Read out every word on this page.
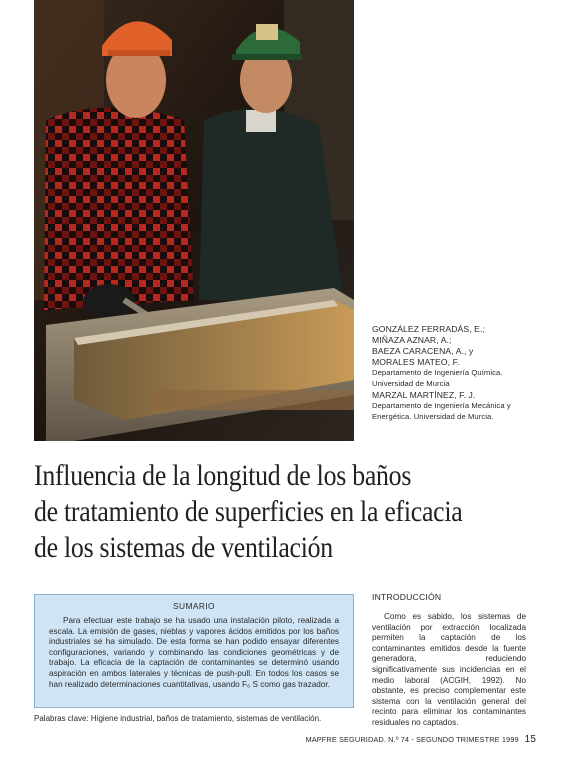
GONZÁLEZ FERRADÁS, E.;
MIÑAZA AZNAR, A.;
BAEZA CARACENA, A., y
MORALES MATEO, F.
Departamento de Ingeniería Química.
Universidad de Murcia
MARZAL MARTÍNEZ, F. J.
Departamento de Ingeniería Mecánica y
Energética. Universidad de Murcia.
Influencia de la longitud de los baños
de tratamiento de superficies en la eficacia
de los sistemas de ventilación
SUMARIO

Para efectuar este trabajo se ha usado una instalación piloto, realizada a escala. La emisión de gases, nieblas y vapores ácidos emitidos por los baños industriales se ha simulado. De esta forma se han podido ensayar diferentes configuraciones, variando y combinando las condiciones geométricas y de trabajo. La eficacia de la captación de contaminantes se determinó usando aspiración en ambos laterales y técnicas de push-pull. En todos los casos se han realizado determinaciones cuantitativas, usando F₆ S como gas trazador.

Palabras clave: Higiene industrial, baños de tratamiento, sistemas de ventilación.
INTRODUCCIÓN

Como es sabido, los sistemas de ventilación por extracción localizada permiten la captación de los contaminantes emitidos desde la fuente generadora, reduciendo significativamente sus incidencias en el medio laboral (ACGIH, 1992). No obstante, es preciso complementar este sistema con la ventilación general del recinto para eliminar los contaminantes residuales no captados.

MAPFRE SEGURIDAD. N.º 74 - SEGUNDO TRIMESTRE 1999 15
